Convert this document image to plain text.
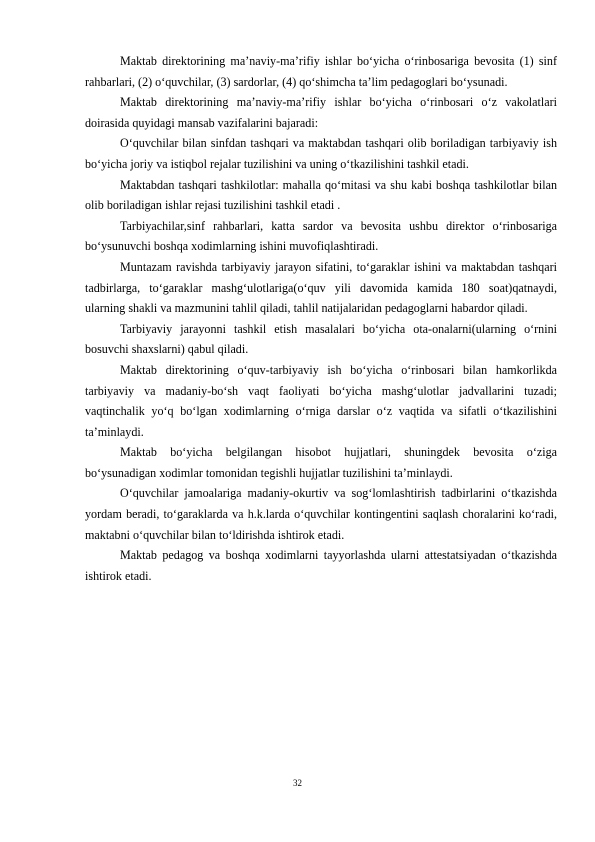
Maktab direktorining ma’naviy-ma’rifiy ishlar bo‘yicha o‘rinbosariga bevosita (1) sinf rahbarlari, (2) o‘quvchilar, (3) sardorlar, (4) qo‘shimcha ta’lim pedagoglari bo‘ysunadi.

Maktab direktorining ma’naviy-ma’rifiy ishlar bo‘yicha o‘rinbosari o‘z vakolatlari doirasida quyidagi mansab vazifalarini bajaradi:

O‘quvchilar bilan sinfdan tashqari va maktabdan tashqari olib boriladigan tarbiyaviy ish bo‘yicha joriy va istiqbol rejalar tuzilishini va uning o‘tkazilishini tashkil etadi.

Maktabdan tashqari tashkilotlar: mahalla qo‘mitasi va shu kabi boshqa tashkilotlar bilan olib boriladigan ishlar rejasi tuzilishini tashkil etadi .

Tarbiyachilar,sinf rahbarlari, katta sardor va bevosita ushbu direktor o‘rinbosariga bo‘ysunuvchi boshqa xodimlarning ishini muvofiqlashtiradi.

Muntazam ravishda tarbiyaviy jarayon sifatini, to‘garaklar ishini va maktabdan tashqari tadbirlarga, to‘garaklar mashg‘ulotlariga(o‘quv yili davomida kamida 180 soat)qatnaydi, ularning shakli va mazmunini tahlil qiladi, tahlil natijalaridan pedagoglarni habardor qiladi.

Tarbiyaviy jarayonni tashkil etish masalalari bo‘yicha ota-onalarni(ularning o‘rnini bosuvchi shaxslarni) qabul qiladi.

Maktab direktorining o‘quv-tarbiyaviy ish bo‘yicha o‘rinbosari bilan hamkorlikda tarbiyaviy va madaniy-bo‘sh vaqt faoliyati bo‘yicha mashg‘ulotlar jadvallarini tuzadi; vaqtinchalik yo‘q bo‘lgan xodimlarning o‘rniga darslar o‘z vaqtida va sifatli o‘tkazilishini ta’minlaydi.

Maktab bo‘yicha belgilangan hisobot hujjatlari, shuningdek bevosita o‘ziga bo‘ysunadigan xodimlar tomonidan tegishli hujjatlar tuzilishini ta’minlaydi.

O‘quvchilar jamoalariga madaniy-okurtiv va sog‘lomlashtirish tadbirlarini o‘tkazishda yordam beradi, to‘garaklarda va h.k.larda o‘quvchilar kontingentini saqlash choralarini ko‘radi, maktabni o‘quvchilar bilan to‘ldirishda ishtirok etadi.

Maktab pedagog va boshqa xodimlarni tayyorlashda ularni attestatsiyadan o‘tkazishda ishtirok etadi.

32
